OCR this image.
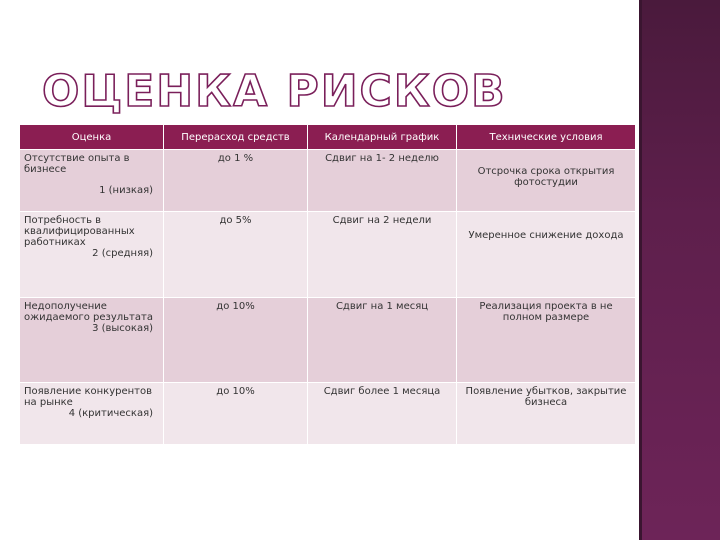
ОЦЕНКА РИСКОВ
Оценка	Перерасход средств	Календарный график	Технические условия
Отсутствие опыта в бизнесе
1 (низкая)	до 1 %	Сдвиг на 1- 2 неделю	Отсрочка срока открытия фотостудии
Потребность в квалифицированных работниках
2 (средняя)	до 5%	Сдвиг на 2 недели	Умеренное снижение дохода
Недополучение ожидаемого результата
3 (высокая)	до 10%	Сдвиг на 1 месяц	Реализация проекта в не полном размере
Появление конкурентов на рынке
4 (критическая)	до 10%	Сдвиг более 1 месяца	Появление убытков, закрытие бизнеса
